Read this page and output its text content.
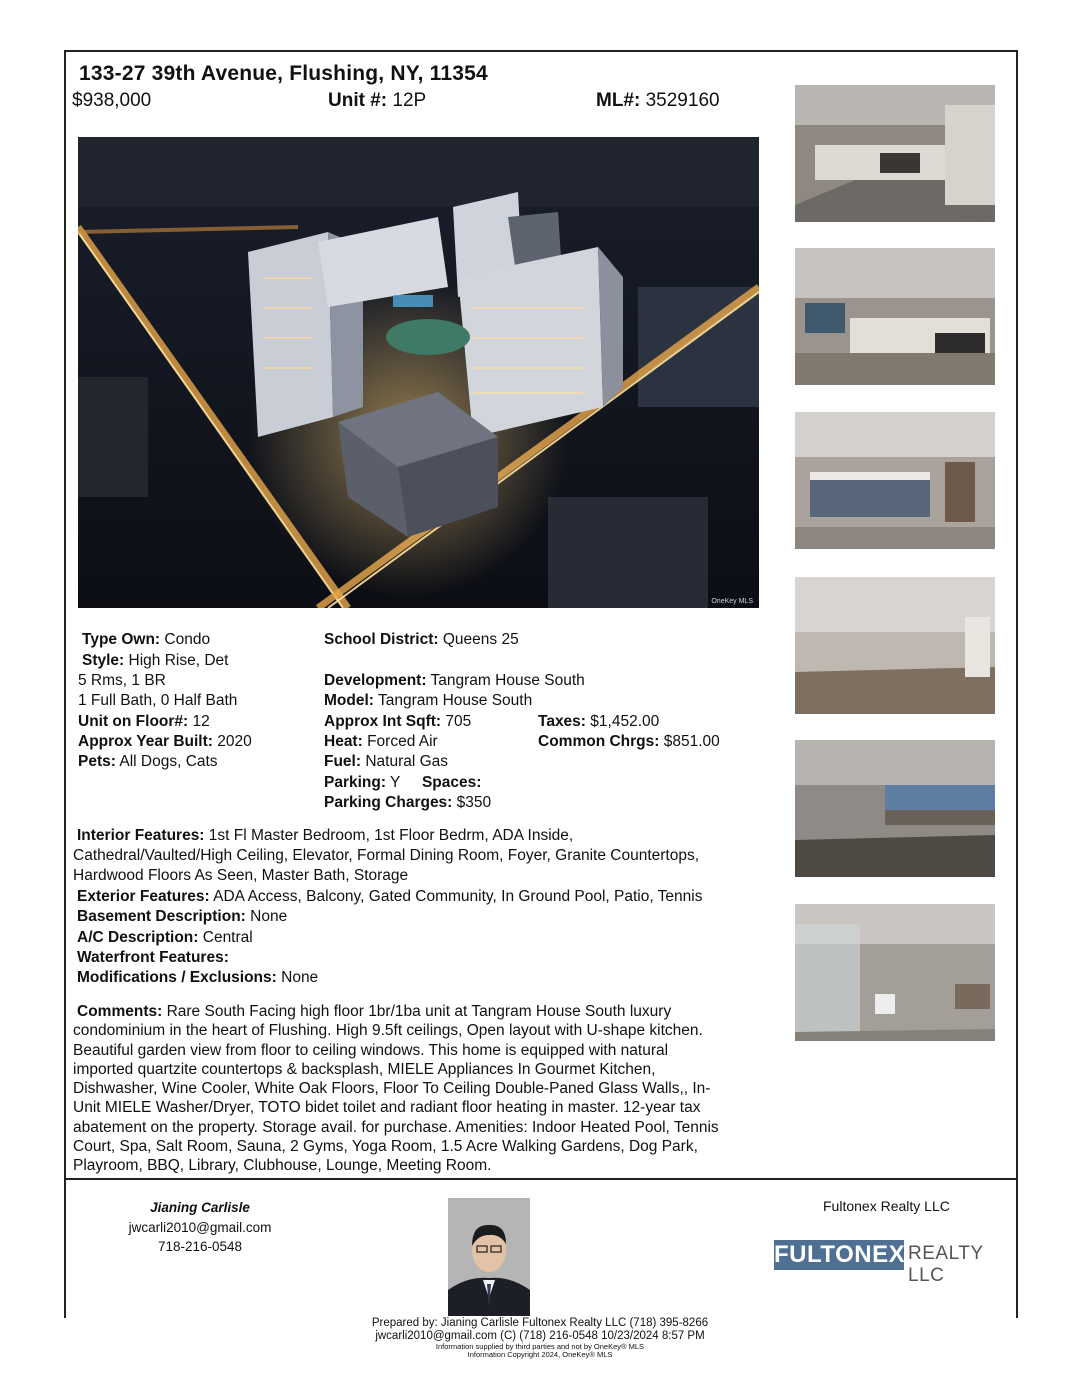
133-27 39th Avenue, Flushing, NY, 11354
$938,000	Unit #: 12P	ML#: 3529160
OneKey MLS
OneKey MLS
Type Own: Condo
Style: High Rise, Det
5 Rms, 1 BR
1 Full Bath, 0 Half Bath
Unit on Floor#: 12
Approx Year Built: 2020
Pets: All Dogs, Cats
School District: Queens 25
Development: Tangram House South
Model: Tangram House South
Approx Int Sqft: 705
Heat: Forced Air
Fuel: Natural Gas
Parking: Y Spaces:
Parking Charges: $350
Taxes: $1,452.00
Common Chrgs: $851.00
Interior Features: 1st Fl Master Bedroom, 1st Floor Bedrm, ADA Inside,
Cathedral/Vaulted/High Ceiling, Elevator, Formal Dining Room, Foyer, Granite Countertops,
Hardwood Floors As Seen, Master Bath, Storage
Exterior Features: ADA Access, Balcony, Gated Community, In Ground Pool, Patio, Tennis
Basement Description: None
A/C Description: Central
Waterfront Features:
Modifications / Exclusions: None
Comments: Rare South Facing high floor 1br/1ba unit at Tangram House South luxury
condominium in the heart of Flushing. High 9.5ft ceilings, Open layout with U-shape kitchen.
Beautiful garden view from floor to ceiling windows. This home is equipped with natural
imported quartzite countertops & backsplash, MIELE Appliances In Gourmet Kitchen,
Dishwasher, Wine Cooler, White Oak Floors, Floor To Ceiling Double-Paned Glass Walls,, In-
Unit MIELE Washer/Dryer, TOTO bidet toilet and radiant floor heating in master. 12-year tax
abatement on the property. Storage avail. for purchase. Amenities: Indoor Heated Pool, Tennis
Court, Spa, Salt Room, Sauna, 2 Gyms, Yoga Room, 1.5 Acre Walking Gardens, Dog Park,
Playroom, BBQ, Library, Clubhouse, Lounge, Meeting Room.
Jianing Carlisle
jwcarli2010@gmail.com
718-216-0548
Fultonex Realty LLC
FULTONEX REALTY LLC
Prepared by: Jianing Carlisle Fultonex Realty LLC (718) 395-8266
jwcarli2010@gmail.com (C) (718) 216-0548 10/23/2024 8:57 PM
Information supplied by third parties and not by OneKey® MLS
Information Copyright 2024, OneKey® MLS
